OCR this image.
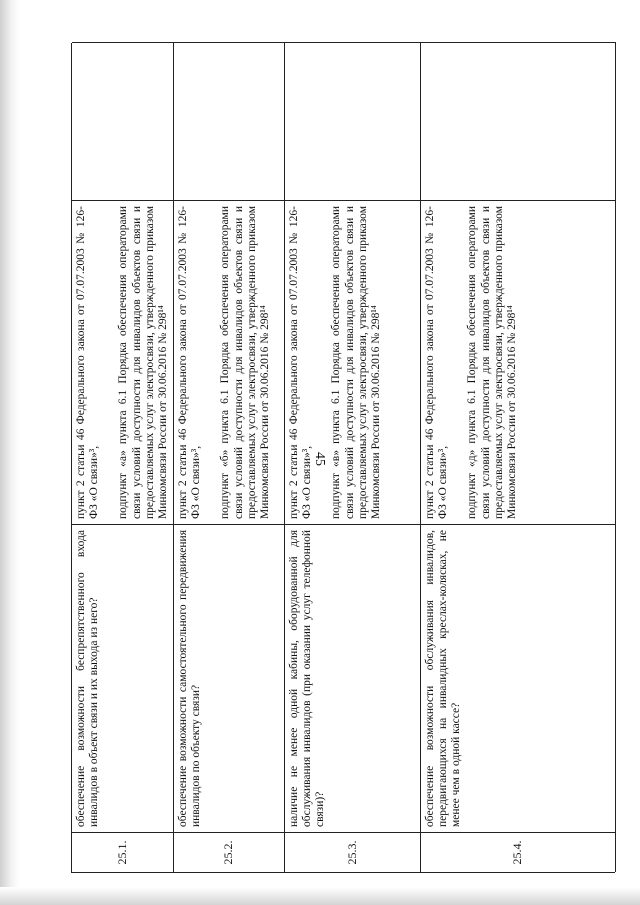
45
25.1.
обеспечение возможности беспрепятственного входа инвалидов в объект связи и их выхода из него?

пункт 2 статьи 46 Федерального закона от 07.07.2003 № 126-ФЗ «О связи»³, подпункт «а» пункта 6.1 Порядка обеспечения операторами связи условий доступности для инвалидов объектов связи и предоставляемых услуг электросвязи, утвержденного приказом Минкомсвязи России от 30.06.2016 № 298¹⁴

25.2.
обеспечение возможности самостоятельного передвижения инвалидов по объекту связи?

пункт 2 статьи 46 Федерального закона от 07.07.2003 № 126-ФЗ «О связи»³, подпункт «б» пункта 6.1 Порядка обеспечения операторами связи условий доступности для инвалидов объектов связи и предоставляемых услуг электросвязи, утвержденного приказом Минкомсвязи России от 30.06.2016 № 298¹⁴

25.3.
наличие не менее одной кабины, оборудованной для обслуживания инвалидов (при оказании услуг телефонной связи)?

пункт 2 статьи 46 Федерального закона от 07.07.2003 № 126-ФЗ «О связи»³, подпункт «в» пункта 6.1 Порядка обеспечения операторами связи условий доступности для инвалидов объектов связи и предоставляемых услуг электросвязи, утвержденного приказом Минкомсвязи России от 30.06.2016 № 298¹⁴

25.4.
обеспечение возможности обслуживания инвалидов, передвигающихся на инвалидных креслах-колясках, не менее чем в одной кассе?

пункт 2 статьи 46 Федерального закона от 07.07.2003 № 126-ФЗ «О связи»³, подпункт «д» пункта 6.1 Порядка обеспечения операторами связи условий доступности для инвалидов объектов связи и предоставляемых услуг электросвязи, утвержденного приказом Минкомсвязи России от 30.06.2016 № 298¹⁴
